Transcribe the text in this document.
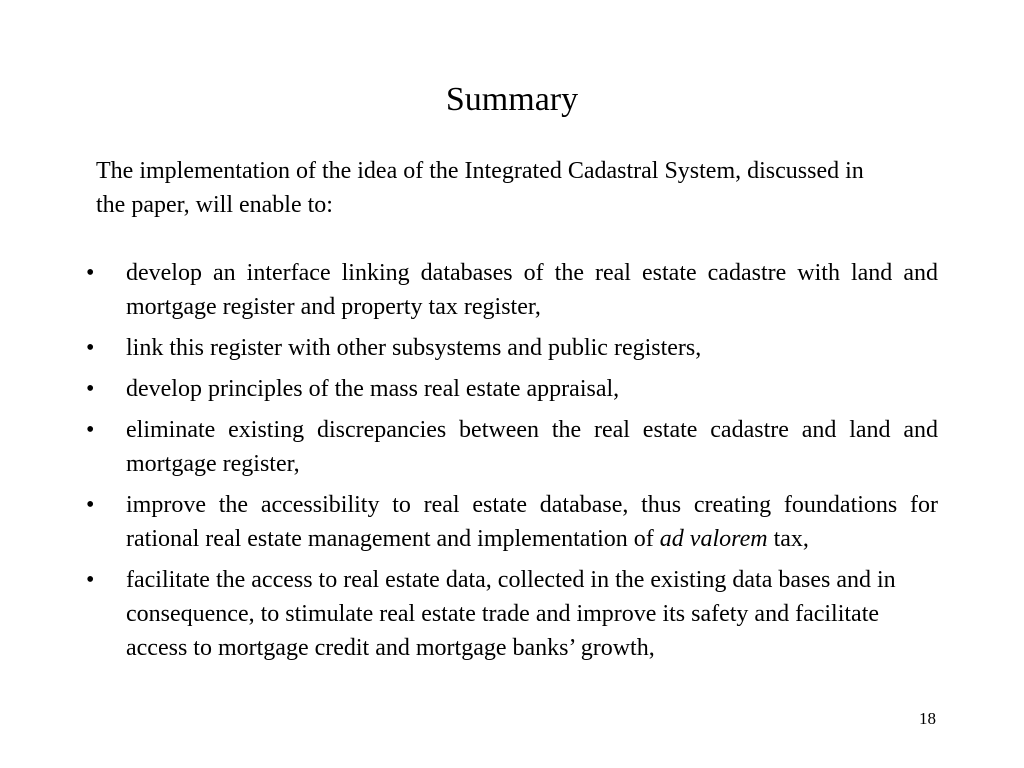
Summary
The implementation of the idea of the Integrated Cadastral System, discussed in the paper, will enable to:
•	develop an interface linking databases of the real estate cadastre with land and mortgage register and property tax register,
•	link this register with other subsystems and public registers,
•	develop principles of the mass real estate appraisal,
•	eliminate existing discrepancies between the real estate cadastre and land and mortgage register,
•	improve the accessibility to real estate database, thus creating foundations for rational real estate management and implementation of ad valorem tax,
•	facilitate the access to real estate data, collected in the existing data bases and in consequence, to stimulate real estate trade and improve its safety and facilitate access to mortgage credit and mortgage banks’ growth,
18
